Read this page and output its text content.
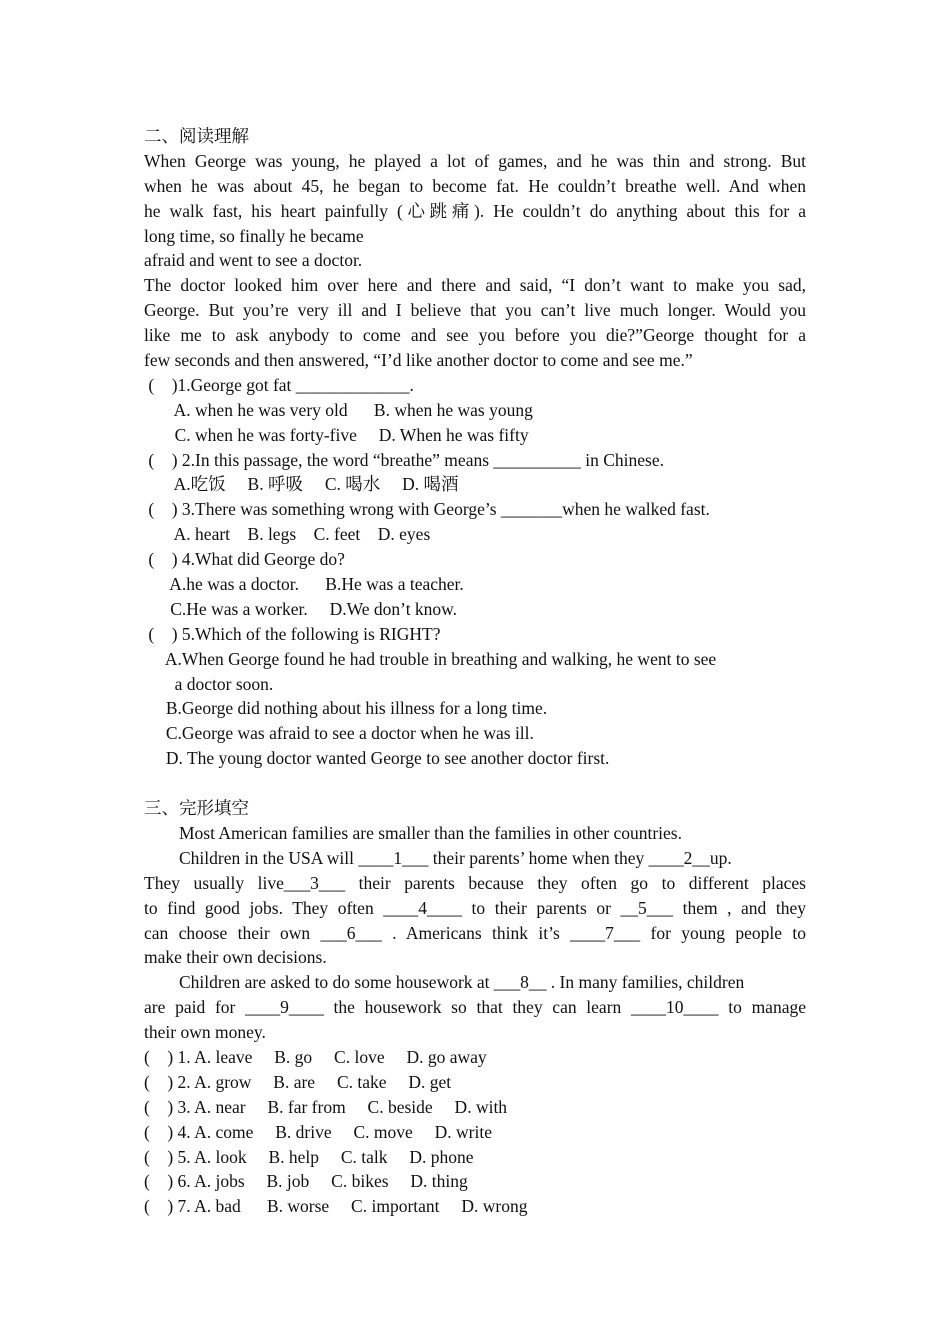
二、阅读理解
When George was young, he played a lot of games, and he was thin and strong. But
when he was about 45, he began to become fat. He couldn’t breathe well. And when
he walk fast, his heart painfully (心跳痛). He couldn’t do anything about this for a
long time, so finally he became
afraid and went to see a doctor.
The doctor looked him over here and there and said, “I don’t want to make you sad,
George. But you’re very ill and I believe that you can’t live much longer. Would you
like me to ask anybody to come and see you before you die?”George thought for a
few seconds and then answered, “I’d like another doctor to come and see me.”
(    )1.George got fat _____________.
A. when he was very old      B. when he was young
C. when he was forty-five     D. When he was fifty
(    ) 2.In this passage, the word “breathe” means __________ in Chinese.
A.吃饭     B. 呼吸     C. 喝水     D. 喝酒
(    ) 3.There was something wrong with George’s _______when he walked fast.
A. heart    B. legs    C. feet    D. eyes
(    ) 4.What did George do?
A.he was a doctor.      B.He was a teacher.
C.He was a worker.     D.We don’t know.
(    ) 5.Which of the following is RIGHT?
A.When George found he had trouble in breathing and walking, he went to see
a doctor soon.
B.George did nothing about his illness for a long time.
C.George was afraid to see a doctor when he was ill.
D. The young doctor wanted George to see another doctor first.
三、完形填空
Most American families are smaller than the families in other countries.
Children in the USA will ____1___ their parents’ home when they ____2__up.
They usually live___3___ their parents because they often go to different places
to find good jobs. They often ____4____ to their parents or __5___ them , and they
can choose their own ___6___ . Americans think it’s ____7___ for young people to
make their own decisions.
Children are asked to do some housework at ___8__ . In many families, children
are paid for ____9____ the housework so that they can learn ____10____ to manage
their own money.
(    ) 1. A. leave     B. go     C. love     D. go away
(    ) 2. A. grow     B. are     C. take     D. get
(    ) 3. A. near     B. far from     C. beside     D. with
(    ) 4. A. come     B. drive     C. move     D. write
(    ) 5. A. look     B. help     C. talk     D. phone
(    ) 6. A. jobs     B. job     C. bikes     D. thing
(    ) 7. A. bad      B. worse     C. important     D. wrong
